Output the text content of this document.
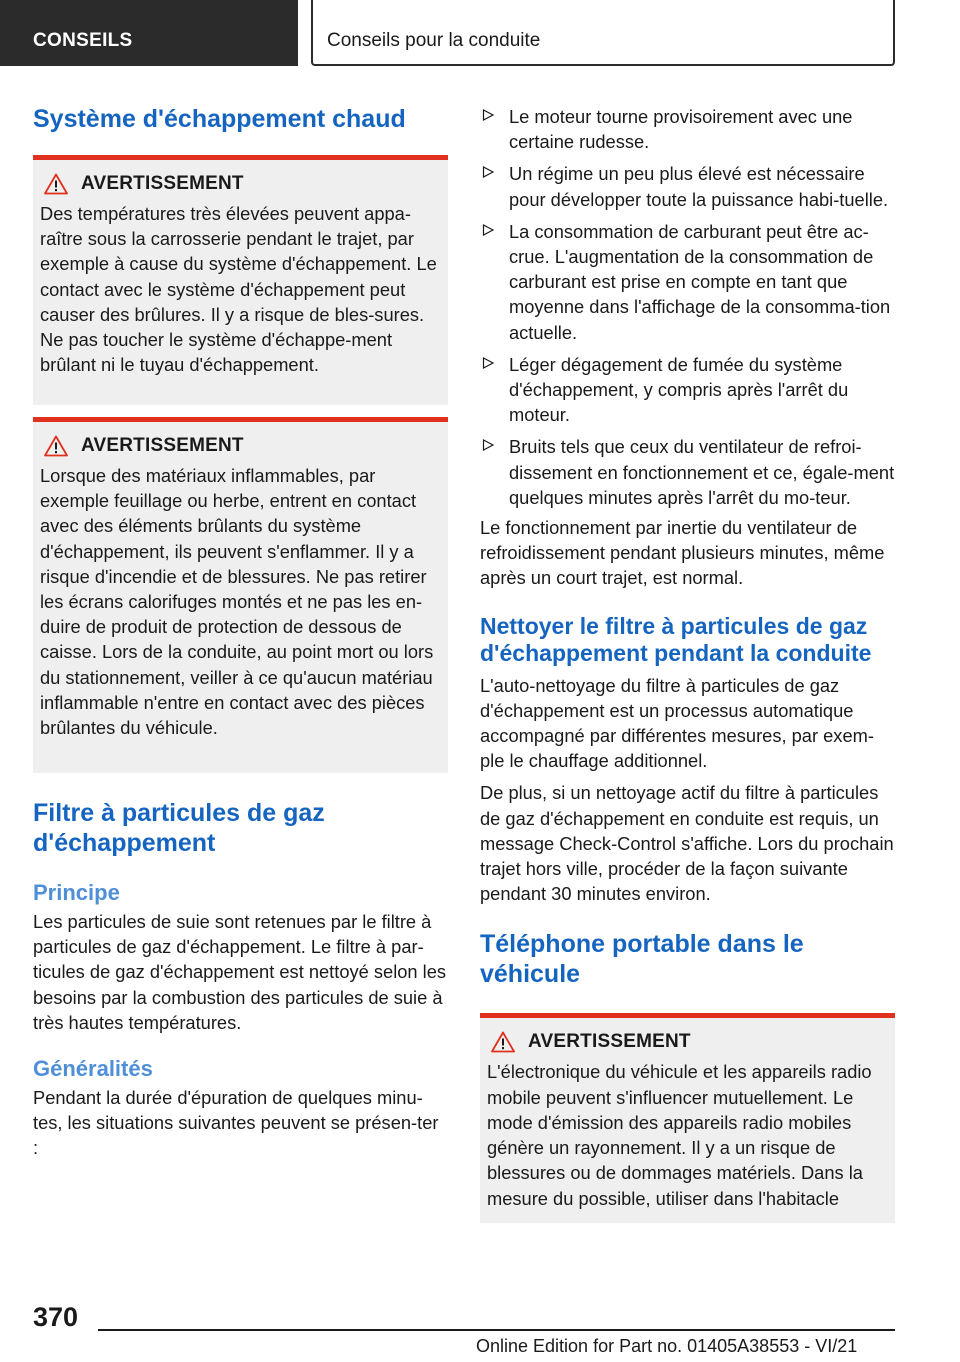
CONSEILS	Conseils pour la conduite
Système d'échappement chaud
AVERTISSEMENT

Des températures très élevées peuvent appa-raître sous la carrosserie pendant le trajet, par exemple à cause du système d'échappement. Le contact avec le système d'échappement peut causer des brûlures. Il y a risque de bles-sures. Ne pas toucher le système d'échappe-ment brûlant ni le tuyau d'échappement.

AVERTISSEMENT

Lorsque des matériaux inflammables, par exemple feuillage ou herbe, entrent en contact avec des éléments brûlants du système d'échappement, ils peuvent s'enflammer. Il y a risque d'incendie et de blessures. Ne pas retirer les écrans calorifuges montés et ne pas les en-duire de produit de protection de dessous de caisse. Lors de la conduite, au point mort ou lors du stationnement, veiller à ce qu'aucun matériau inflammable n'entre en contact avec des pièces brûlantes du véhicule.

Filtre à particules de gaz d'échappement
Principe

Les particules de suie sont retenues par le filtre à particules de gaz d'échappement. Le filtre à par-ticules de gaz d'échappement est nettoyé selon les besoins par la combustion des particules de suie à très hautes températures.

Généralités

Pendant la durée d'épuration de quelques minu-tes, les situations suivantes peuvent se présen-ter :

Le moteur tourne provisoirement avec une certaine rudesse.
Un régime un peu plus élevé est nécessaire pour développer toute la puissance habi-tuelle.
La consommation de carburant peut être ac-crue. L'augmentation de la consommation de carburant est prise en compte en tant que moyenne dans l'affichage de la consomma-tion actuelle.
Léger dégagement de fumée du système d'échappement, y compris après l'arrêt du moteur.
Bruits tels que ceux du ventilateur de refroi-dissement en fonctionnement et ce, égale-ment quelques minutes après l'arrêt du mo-teur.

Le fonctionnement par inertie du ventilateur de refroidissement pendant plusieurs minutes, même après un court trajet, est normal.

Nettoyer le filtre à particules de gaz d'échappement pendant la conduite

L'auto-nettoyage du filtre à particules de gaz d'échappement est un processus automatique accompagné par différentes mesures, par exem-ple le chauffage additionnel.

De plus, si un nettoyage actif du filtre à particules de gaz d'échappement en conduite est requis, un message Check-Control s'affiche. Lors du prochain trajet hors ville, procéder de la façon suivante pendant 30 minutes environ.

Téléphone portable dans le véhicule
AVERTISSEMENT

L'électronique du véhicule et les appareils radio mobile peuvent s'influencer mutuellement. Le mode d'émission des appareils radio mobiles génère un rayonnement. Il y a un risque de blessures ou de dommages matériels. Dans la mesure du possible, utiliser dans l'habitacle

370
Online Edition for Part no. 01405A38553 - VI/21
